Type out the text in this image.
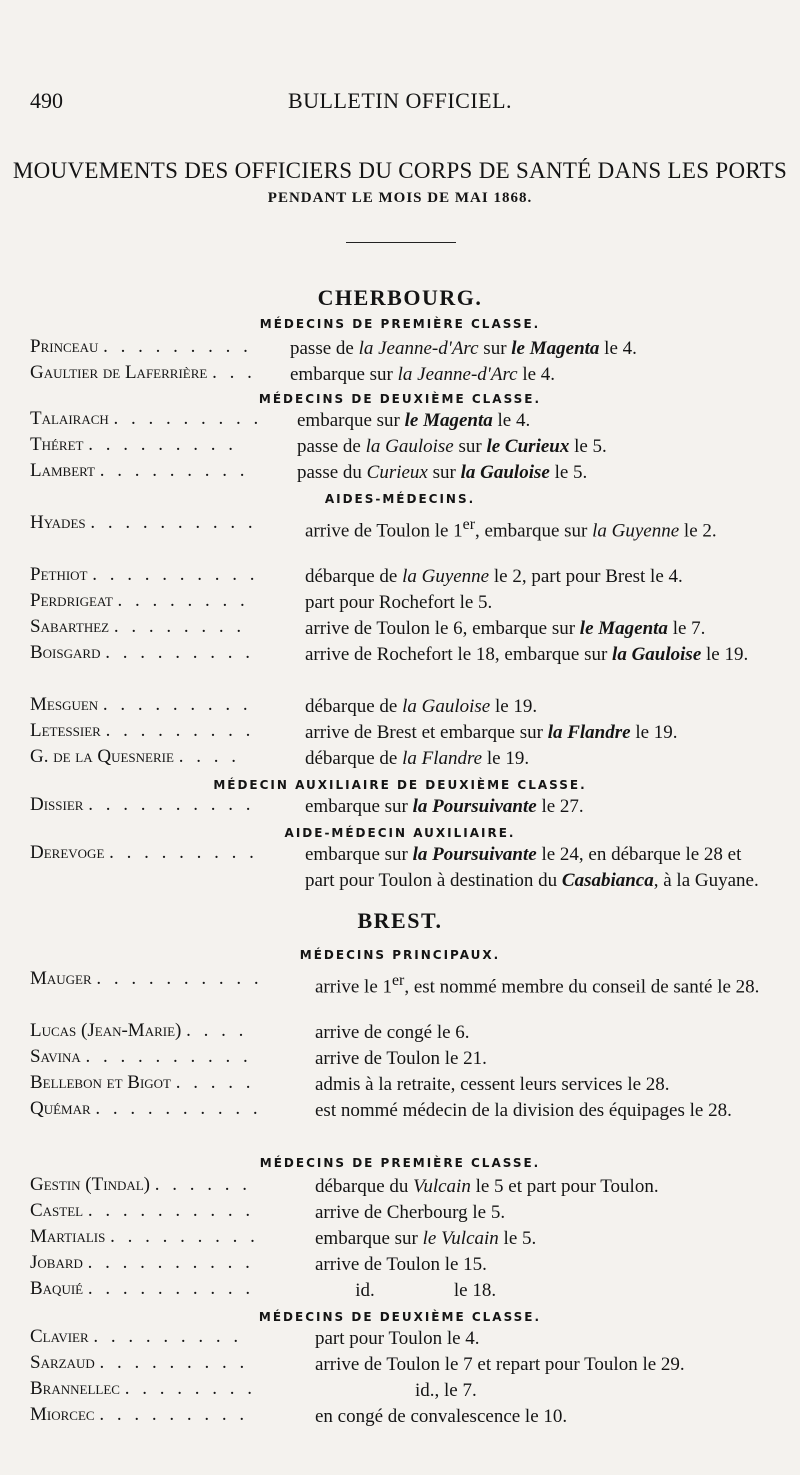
490	BULLETIN OFFICIEL.
MOUVEMENTS DES OFFICIERS DU CORPS DE SANTÉ DANS LES PORTS
PENDANT LE MOIS DE MAI 1868.
CHERBOURG.
MÉDECINS DE PREMIÈRE CLASSE.
Princeau . . . . . . . . . passe de la Jeanne-d'Arc sur le Magenta le 4.
Gaultier de Laferrière . . . embarque sur la Jeanne-d'Arc le 4.
MÉDECINS DE DEUXIÈME CLASSE.
Talairach . . . . . . . . . embarque sur le Magenta le 4.
Théret . . . . . . . . .	passe de la Gauloise sur le Curieux le 5.
Lambert . . . . . . . . .	passe du Curieux sur la Gauloise le 5.
AIDES-MÉDECINS.
Hyades . . . . . . . . . .	arrive de Toulon le 1er, embarque sur la Guyenne le 2.
Pethiot . . . . . . . . . . débarque de la Guyenne le 2, part pour Brest le 4.
Perdrigeat . . . . . . . .	part pour Rochefort le 5.
Sabarthez . . . . . . . .	arrive de Toulon le 6, embarque sur le Magenta le 7.
Boisgard . . . . . . . . .	arrive de Rochefort le 18, embarque sur la Gauloise le 19.
Mesguen . . . . . . . . .	débarque de la Gauloise le 19.
Letessier . . . . . . . . .	arrive de Brest et embarque sur la Flandre le 19.
G. de la Quesnerie . . . .	débarque de la Flandre le 19.
MÉDECIN AUXILIAIRE DE DEUXIÈME CLASSE.
Dissier . . . . . . . . . .	embarque sur la Poursuivante le 27.
AIDE-MÉDECIN AUXILIAIRE.
Derevoge . . . . . . . . . embarque sur la Poursuivante le 24, en débarque le 28 et part pour Toulon à destination du Casabianca, à la Guyane.
BREST.
MÉDECINS PRINCIPAUX.
Mauger . . . . . . . . . .	arrive le 1er, est nommé membre du conseil de santé le 28.
Lucas (Jean-Marie) . . . .	arrive de congé le 6.
Savina . . . . . . . . . .	arrive de Toulon le 21.
Bellebon et Bigot . . . . .	admis à la retraite, cessent leurs services le 28.
Quémar . . . . . . . . . .	est nommé médecin de la division des équipages le 28.
MÉDECINS DE PREMIÈRE CLASSE.
Gestin (Tindal) . . . . . .	débarque du Vulcain le 5 et part pour Toulon.
Castel . . . . . . . . . .	arrive de Cherbourg le 5.
Martialis . . . . . . . . .	embarque sur le Vulcain le 5.
Jobard . . . . . . . . . .	arrive de Toulon le 15.
Baquié . . . . . . . . . .	id.	le 18.
MÉDECINS DE DEUXIÈME CLASSE.
Clavier . . . . . . . . .	part pour Toulon le 4.
Sarzaud . . . . . . . . .	arrive de Toulon le 7 et repart pour Toulon le 29.
Brannellec . . . . . . . .	id., le 7.
Miorcec . . . . . . . . .	en congé de convalescence le 10.
